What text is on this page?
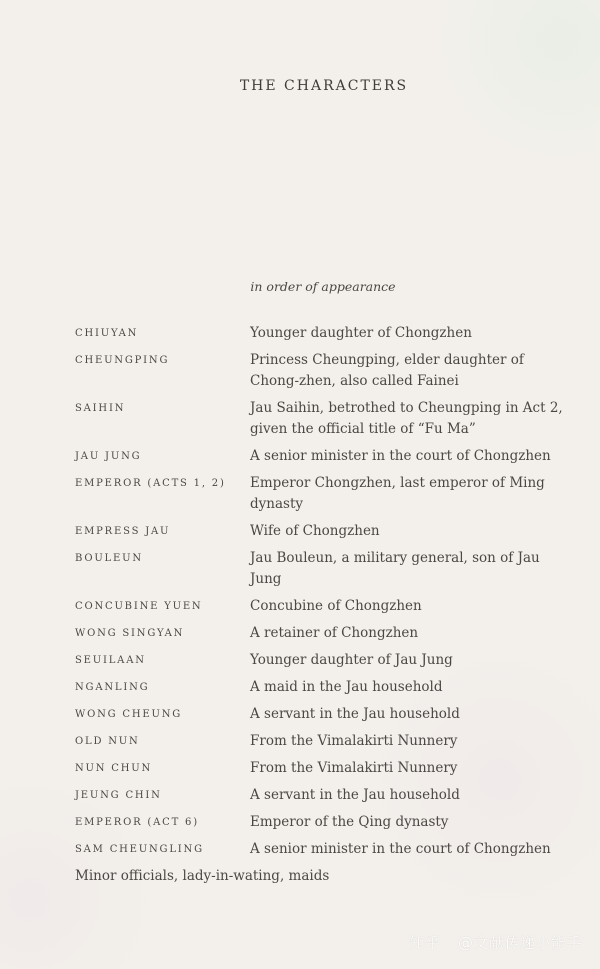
THE CHARACTERS
in order of appearance
CHIUYAN	Younger daughter of Chongzhen
CHEUNGPING	Princess Cheungping, elder daughter of Chong-zhen, also called Fainei
SAIHIN	Jau Saihin, betrothed to Cheungping in Act 2, given the official title of “Fu Ma”
JAU JUNG	A senior minister in the court of Chongzhen
EMPEROR (ACTS 1, 2)	Emperor Chongzhen, last emperor of Ming dynasty
EMPRESS JAU	Wife of Chongzhen
BOULEUN	Jau Bouleun, a military general, son of Jau Jung
CONCUBINE YUEN	Concubine of Chongzhen
WONG SINGYAN	A retainer of Chongzhen
SEUILAAN	Younger daughter of Jau Jung
NGANLING	A maid in the Jau household
WONG CHEUNG	A servant in the Jau household
OLD NUN	From the Vimalakirti Nunnery
NUN CHUN	From the Vimalakirti Nunnery
JEUNG CHIN	A servant in the Jau household
EMPEROR (ACT 6)	Emperor of the Qing dynasty
SAM CHEUNGLING	A senior minister in the court of Chongzhen
Minor officials, lady-in-wating, maids
知乎 @文献传递小能手
